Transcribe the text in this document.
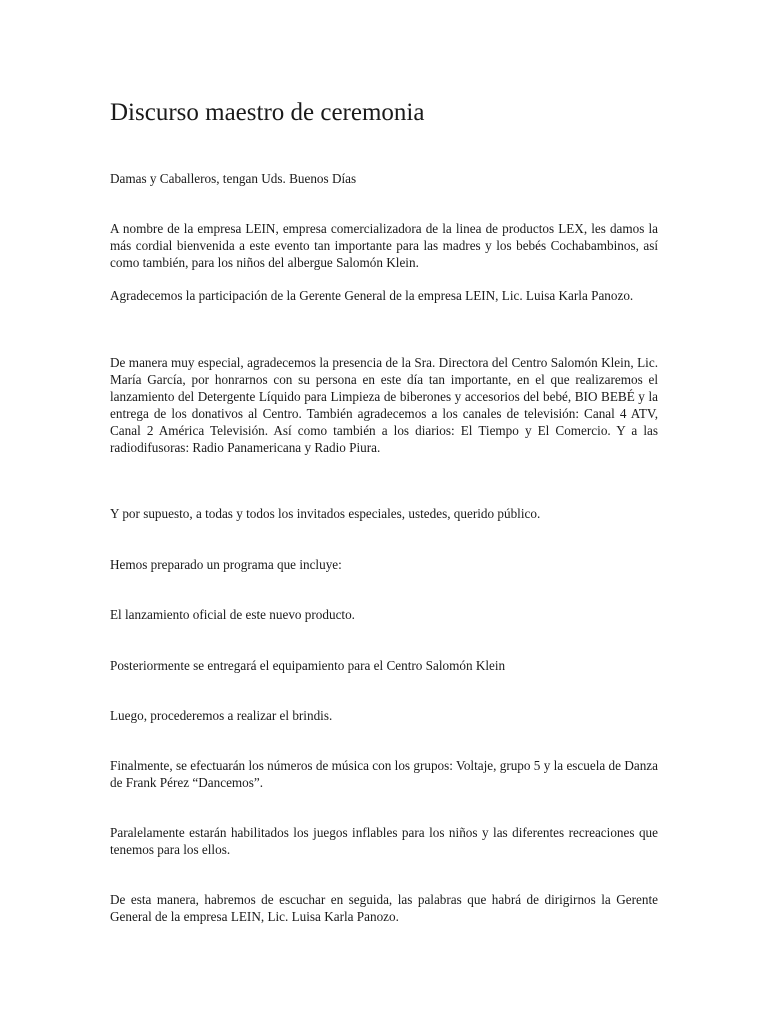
Discurso maestro de ceremonia

Damas y Caballeros, tengan Uds. Buenos Días

A nombre de la empresa LEIN, empresa comercializadora de la linea de productos LEX, les damos la más cordial bienvenida a este evento tan importante para las madres y los bebés Cochabambinos, así como también, para los niños del albergue Salomón Klein.

Agradecemos la participación de la Gerente General de la empresa LEIN, Lic. Luisa Karla Panozo.

De manera muy especial, agradecemos la presencia de la Sra. Directora del Centro Salomón Klein, Lic. María García, por honrarnos con su persona en este día tan importante, en el que realizaremos el lanzamiento del Detergente Líquido para Limpieza de biberones y accesorios del bebé, BIO BEBÉ y la entrega de los donativos al Centro. También agradecemos a los canales de televisión: Canal 4 ATV, Canal 2 América Televisión. Así como también a los diarios: El Tiempo y El Comercio. Y a las radiodifusoras: Radio Panamericana y Radio Piura.

Y por supuesto, a todas y todos los invitados especiales, ustedes, querido público.

Hemos preparado un programa que incluye:

El lanzamiento oficial de este nuevo producto.

Posteriormente se entregará el equipamiento para el Centro Salomón Klein

Luego, procederemos a realizar el brindis.

Finalmente, se efectuarán los números de música con los grupos: Voltaje, grupo 5 y la escuela de Danza de Frank Pérez “Dancemos”.

Paralelamente estarán habilitados los juegos inflables para los niños y las diferentes recreaciones que tenemos para los ellos.

De esta manera, habremos de escuchar en seguida, las palabras que habrá de dirigirnos la Gerente General de la empresa LEIN, Lic. Luisa Karla Panozo.
